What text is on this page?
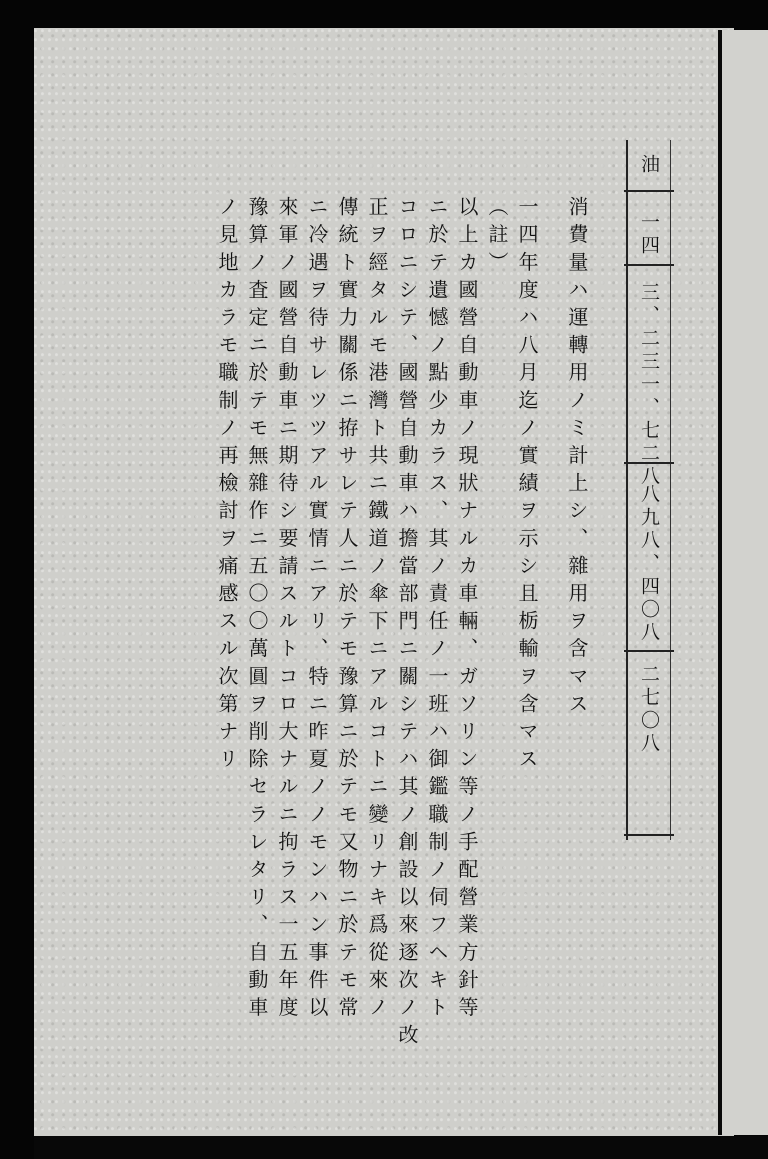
油
一四
三、二三一、七二八
八九八、四〇八
二七〇八
消費量ハ運轉用ノミ計上シ、雜用ヲ含マス
一四年度ハ八月迄ノ實績ヲ示シ且栃輸ヲ含マス
（註）
以上カ國營自動車ノ現狀ナルカ車輛、ガソリン等ノ手配營業方針等
ニ於テ遺憾ノ點少カラス、其ノ責任ノ一班ハ御鑑職制ノ伺フヘキト
コロニシテ、國營自動車ハ擔當部門ニ關シテハ其ノ創設以來逐次ノ改
正ヲ經タルモ港灣ト共ニ鐵道ノ傘下ニアルコトニ變リナキ爲從來ノ
傳統ト實力關係ニ拵サレテ人ニ於テモ豫算ニ於テモ又物ニ於テモ常
ニ冷遇ヲ待サレツツアル實情ニアリ、特ニ昨夏ノノモンハン事件以
來軍ノ國營自動車ニ期待シ要請スルトコロ大ナルニ拘ラス一五年度
豫算ノ査定ニ於テモ無雜作ニ五〇〇萬圓ヲ削除セラレタリ、自動車
ノ見地カラモ職制ノ再檢討ヲ痛感スル次第ナリ
